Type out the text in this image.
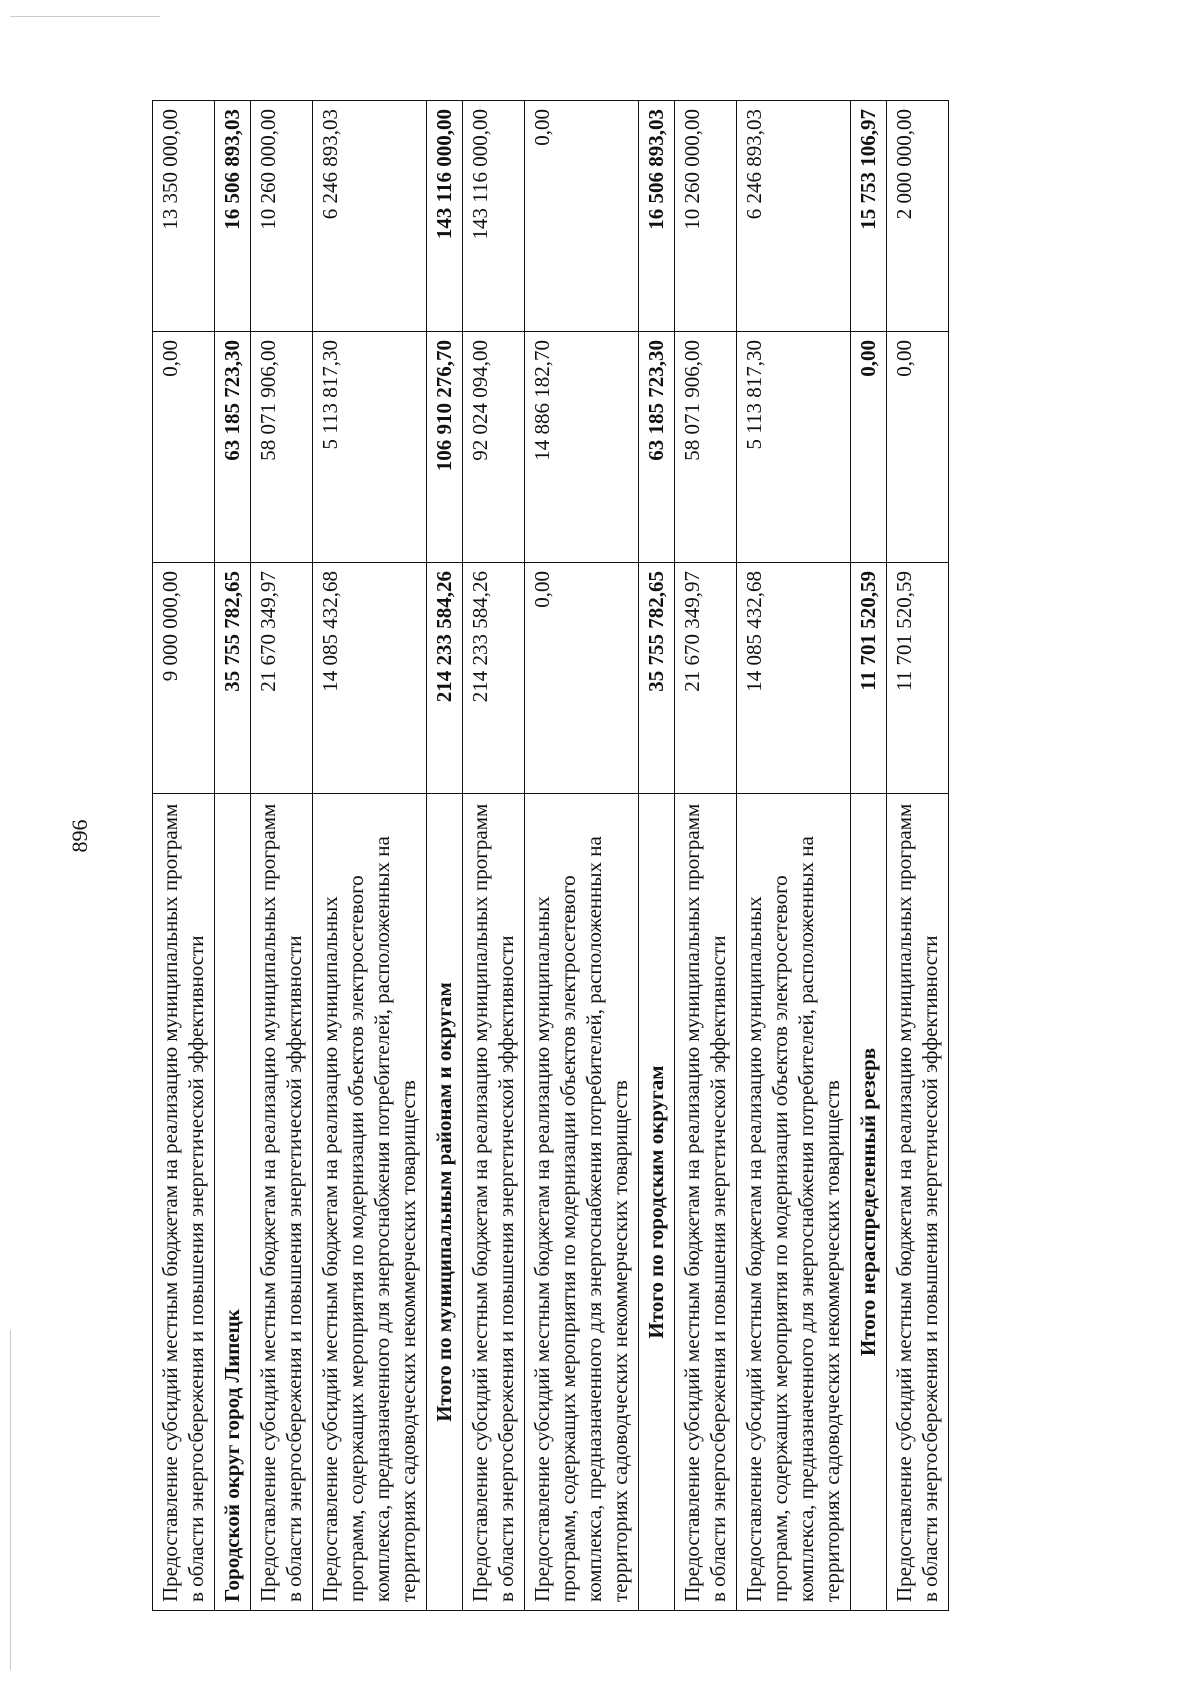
896	Предоставление субсидий местным бюджетам на реализацию муниципальных программ в области энергосбережения и повышения энергетической эффективности	9 000 000,00	0,00	13 350 000,00
Городской округ город Липецк	35 755 782,65	63 185 723,30	16 506 893,03
Предоставление субсидий местным бюджетам на реализацию муниципальных программ в области энергосбережения и повышения энергетической эффективности	21 670 349,97	58 071 906,00	10 260 000,00
Предоставление субсидий местным бюджетам на реализацию муниципальных программ, содержащих мероприятия по модернизации объектов электросетевого комплекса, предназначенного для энергоснабжения потребителей, расположенных на территориях садоводческих некоммерческих товариществ	14 085 432,68	5 113 817,30	6 246 893,03
Итого по муниципальным районам и округам	214 233 584,26	106 910 276,70	143 116 000,00
Предоставление субсидий местным бюджетам на реализацию муниципальных программ в области энергосбережения и повышения энергетической эффективности	214 233 584,26	92 024 094,00	143 116 000,00
Предоставление субсидий местным бюджетам на реализацию муниципальных программ, содержащих мероприятия по модернизации объектов электросетевого комплекса, предназначенного для энергоснабжения потребителей, расположенных на территориях садоводческих некоммерческих товариществ	0,00	14 886 182,70	0,00
Итого по городским округам	35 755 782,65	63 185 723,30	16 506 893,03
Предоставление субсидий местным бюджетам на реализацию муниципальных программ в области энергосбережения и повышения энергетической эффективности	21 670 349,97	58 071 906,00	10 260 000,00
Предоставление субсидий местным бюджетам на реализацию муниципальных программ, содержащих мероприятия по модернизации объектов электросетевого комплекса, предназначенного для энергоснабжения потребителей, расположенных на территориях садоводческих некоммерческих товариществ	14 085 432,68	5 113 817,30	6 246 893,03
Итого нераспределенный резерв	11 701 520,59	0,00	15 753 106,97
Предоставление субсидий местным бюджетам на реализацию муниципальных программ в области энергосбережения и повышения энергетической эффективности	11 701 520,59	0,00	2 000 000,00
